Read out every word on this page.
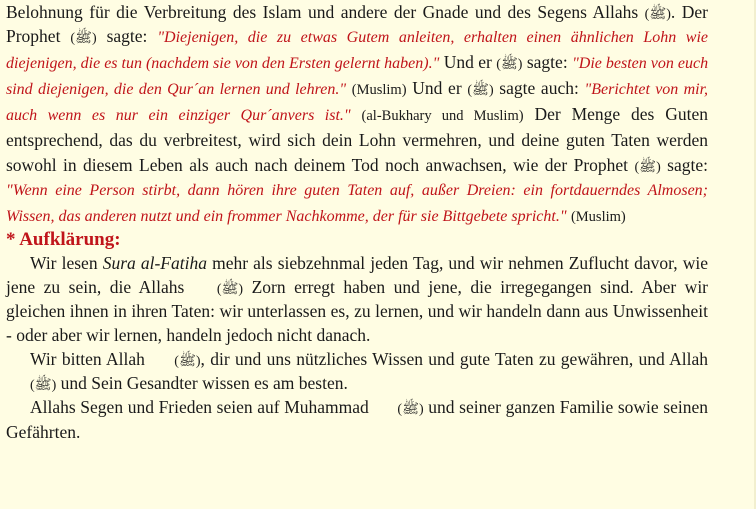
Belohnung für die Verbreitung des Islam und andere der Gnade und des Segens Allahs (ﷺ). Der Prophet (ﷺ) sagte: "Diejenigen, die zu etwas Gutem anleiten, erhalten einen ähnlichen Lohn wie diejenigen, die es tun (nachdem sie von den Ersten gelernt haben)." Und er (ﷺ) sagte: "Die besten von euch sind diejenigen, die den Qur´an lernen und lehren." (Muslim) Und er (ﷺ) sagte auch: "Berichtet von mir, auch wenn es nur ein einziger Qur´anvers ist." (al-Bukhary und Muslim) Der Menge des Guten entsprechend, das du verbreitest, wird sich dein Lohn vermehren, und deine guten Taten werden sowohl in diesem Leben als auch nach deinem Tod noch anwachsen, wie der Prophet (ﷺ) sagte: "Wenn eine Person stirbt, dann hören ihre guten Taten auf, außer Dreien: ein fortdauerndes Almosen; Wissen, das anderen nutzt und ein frommer Nachkomme, der für sie Bittgebete spricht." (Muslim)

* Aufklärung:

Wir lesen Sura al-Fatiha mehr als siebzehnmal jeden Tag, und wir nehmen Zuflucht davor, wie jene zu sein, die Allahs (ﷺ) Zorn erregt haben und jene, die irregegangen sind. Aber wir gleichen ihnen in ihren Taten: wir unterlassen es, zu lernen, und wir handeln dann aus Unwissenheit - oder aber wir lernen, handeln jedoch nicht danach.

Wir bitten Allah (ﷺ), dir und uns nützliches Wissen und gute Taten zu gewähren, und Allah (ﷺ) und Sein Gesandter wissen es am besten.

Allahs Segen und Frieden seien auf Muhammad (ﷺ) und seiner ganzen Familie sowie seinen Gefährten.
